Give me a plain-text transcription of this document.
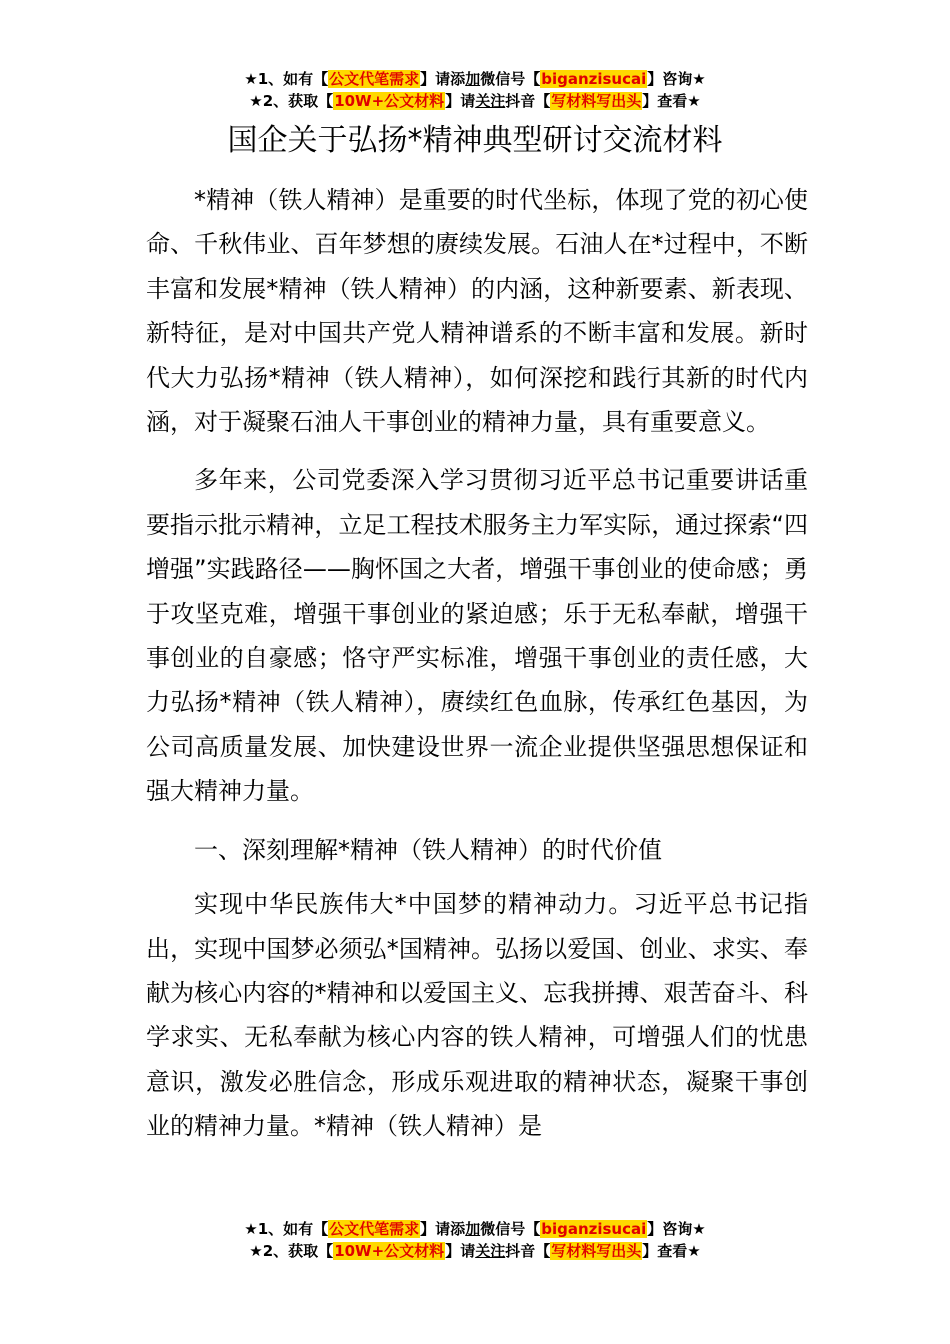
★1、如有【公文代笔需求】请添加微信号【biganzisucai】咨询★
★2、获取【10W+公文材料】请关注抖音【写材料写出头】查看★
国企关于弘扬*精神典型研讨交流材料

*精神（铁人精神）是重要的时代坐标，体现了党的初心使命、千秋伟业、百年梦想的赓续发展。石油人在*过程中，不断丰富和发展*精神（铁人精神）的内涵，这种新要素、新表现、新特征，是对中国共产党人精神谱系的不断丰富和发展。新时代大力弘扬*精神（铁人精神），如何深挖和践行其新的时代内涵，对于凝聚石油人干事创业的精神力量，具有重要意义。

多年来，公司党委深入学习贯彻习近平总书记重要讲话重要指示批示精神，立足工程技术服务主力军实际，通过探索“四增强”实践路径——胸怀国之大者，增强干事创业的使命感；勇于攻坚克难，增强干事创业的紧迫感；乐于无私奉献，增强干事创业的自豪感；恪守严实标准，增强干事创业的责任感，大力弘扬*精神（铁人精神），赓续红色血脉，传承红色基因，为公司高质量发展、加快建设世界一流企业提供坚强思想保证和强大精神力量。

一、深刻理解*精神（铁人精神）的时代价值

实现中华民族伟大*中国梦的精神动力。习近平总书记指出，实现中国梦必须弘*国精神。弘扬以爱国、创业、求实、奉献为核心内容的*精神和以爱国主义、忘我拼搏、艰苦奋斗、科学求实、无私奉献为核心内容的铁人精神，可增强人们的忧患意识，激发必胜信念，形成乐观进取的精神状态，凝聚干事创业的精神力量。*精神（铁人精神）是

★1、如有【公文代笔需求】请添加微信号【biganzisucai】咨询★
★2、获取【10W+公文材料】请关注抖音【写材料写出头】查看★
